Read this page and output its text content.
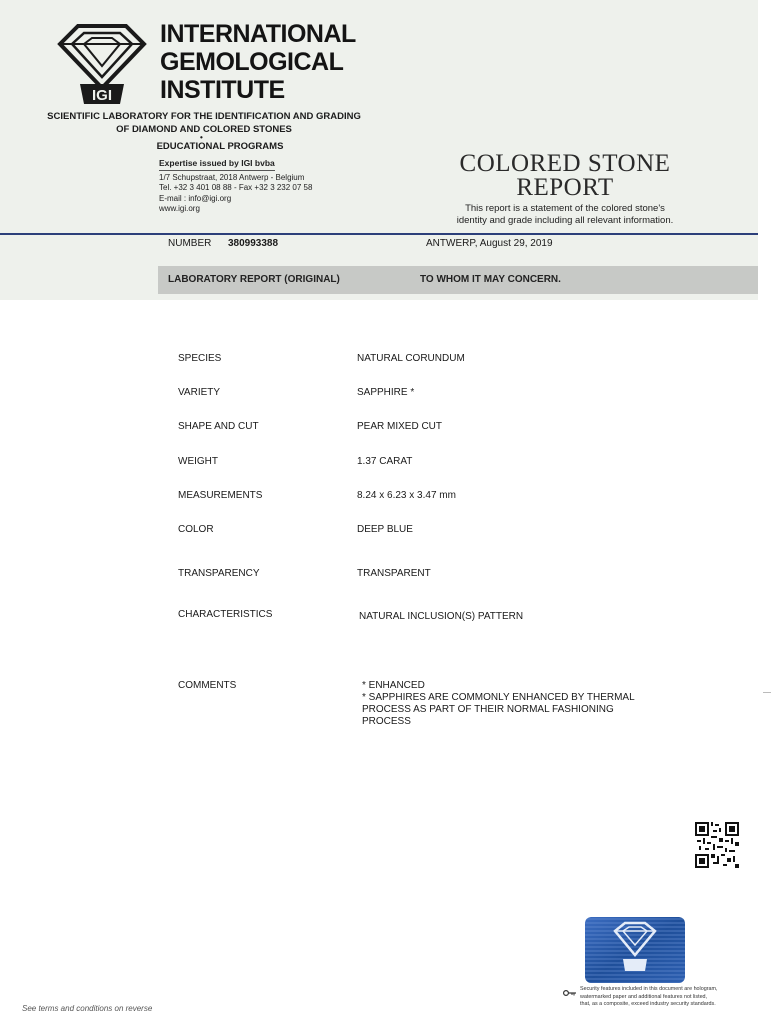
IGI
INTERNATIONAL
GEMOLOGICAL
INSTITUTE
SCIENTIFIC LABORATORY FOR THE IDENTIFICATION AND GRADING
OF DIAMOND AND COLORED STONES
•
EDUCATIONAL PROGRAMS
Expertise issued by IGI bvba
1/7 Schupstraat, 2018 Antwerp - Belgium
Tel. +32 3 401 08 88 - Fax +32 3 232 07 58
E-mail : info@igi.org
www.igi.org
COLORED STONE
REPORT
This report is a statement of the colored stone's
identity and grade including all relevant information.
NUMBER 380993388	ANTWERP, August 29, 2019
LABORATORY REPORT (ORIGINAL)	TO WHOM IT MAY CONCERN.
SPECIES	NATURAL CORUNDUM
VARIETY	SAPPHIRE *
SHAPE AND CUT	PEAR MIXED CUT
WEIGHT	1.37 CARAT
MEASUREMENTS	8.24 x 6.23 x 3.47 mm
COLOR	DEEP BLUE
TRANSPARENCY	TRANSPARENT
CHARACTERISTICS	NATURAL INCLUSION(S) PATTERN
COMMENTS	* ENHANCED
* SAPPHIRES ARE COMMONLY ENHANCED BY THERMAL
PROCESS AS PART OF THEIR NORMAL FASHIONING
PROCESS
Security features included in this document are hologram,
watermarked paper and additional features not listed,
that, as a composite, exceed industry security standards.
See terms and conditions on reverse
